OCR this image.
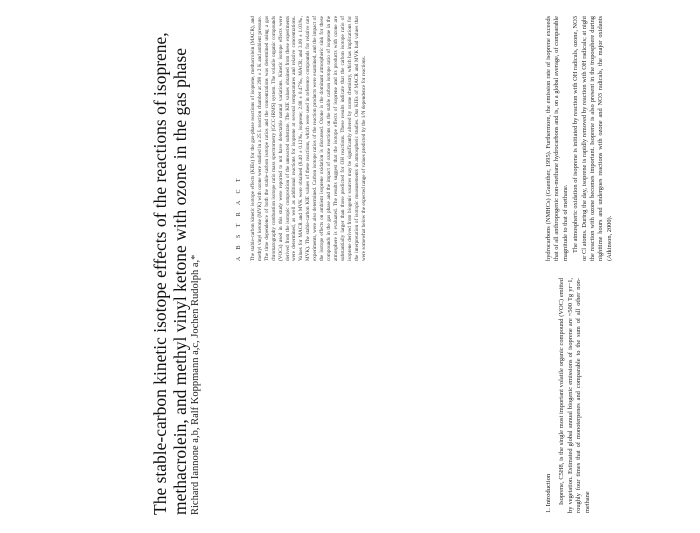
The stable-carbon kinetic isotope effects of the reactions of isoprene, methacrolein, and methyl vinyl ketone with ozone in the gas phase Richard Iannone a,b, Ralf Koppmann a,c, Jochen Rudolph a,*
A B S T R A C T The stable-carbon kinetic isotope effects (KIEs) for the gas-phase reactions of isoprene, methacrolein (MACR), and methyl vinyl ketone (MVK) with ozone were studied in a 25 L reaction chamber at 298 ± 2 K and ambient pressure. The time dependence of both the stable-carbon isotope ratios and the concentrations was determined using a gas chromatography combustion isotope ratio mass spectrometry (GCC-IRMS) system. The volatile organic compounds (VOCs) used in this study were reported to not have detectable natural variations. Kinetic isotope effects were derived from the isotopic composition of the unreacted substrate. The KIE values obtained from these experiments were determined, as well as additional reactions for isoprene at several temperatures and relative concentrations. Values for MACR and MVK were obtained (8.40 ± 0.12‰, isoprene; 2.88 ± 0.47‰, MACR; and 3.00 ± 1.03‰, MVK). The stable-carbon KIE values of these reactions, which were used in reference compounds for relative rate experiments, were also determined. Carbon isotope ratios of the reaction products were examined, and the impact of the isotope effects on ambient isoprene oxidation is discussed. Ozone is the dominant atmospheric sink for these compounds in the gas phase and the impact of ozone reactions on the stable carbon isotope ratio of isoprene in the atmosphere is evaluated. The results suggest that the isotope effects of isoprene and its products with ozone are substantially larger than those predicted for OH reactions. These results indicate that the carbon isotope ratio of isoprene derived from biogenic sources may be significantly altered by ozone chemistry, which has implications for the interpretation of isotopic measurements in atmospheric studies. Our KIEs of MACR and MVK had values that were somewhat below the expected range of values predicted by the 1/N dependence for reactions.

1. Introduction Isoprene, C5H8, is the single most important volatile organic compound (VOC) emitted by vegetation. Estimated global annual biogenic emissions of isoprene are ~500 Tg yr−1, roughly four times that of monoterpenes and comparable to the sum of all other non-methane

hydrocarbons (NMHCs) (Guenther, 1995). Furthermore, the emission rate of isoprene exceeds that of all anthropogenic non-methane hydrocarbons and is, on a global average, of comparable magnitude to that of methane. The atmospheric oxidation of isoprene is initiated by reaction with OH radicals, ozone, NO3 or Cl atoms. During the day, isoprene is rapidly removed by reaction with OH radicals; at night the reaction with ozone becomes important. Isoprene is also present in the troposphere during nighttime hours and undergoes reactions with ozone and NO3 radicals, the major oxidants (Atkinson, 2000).
